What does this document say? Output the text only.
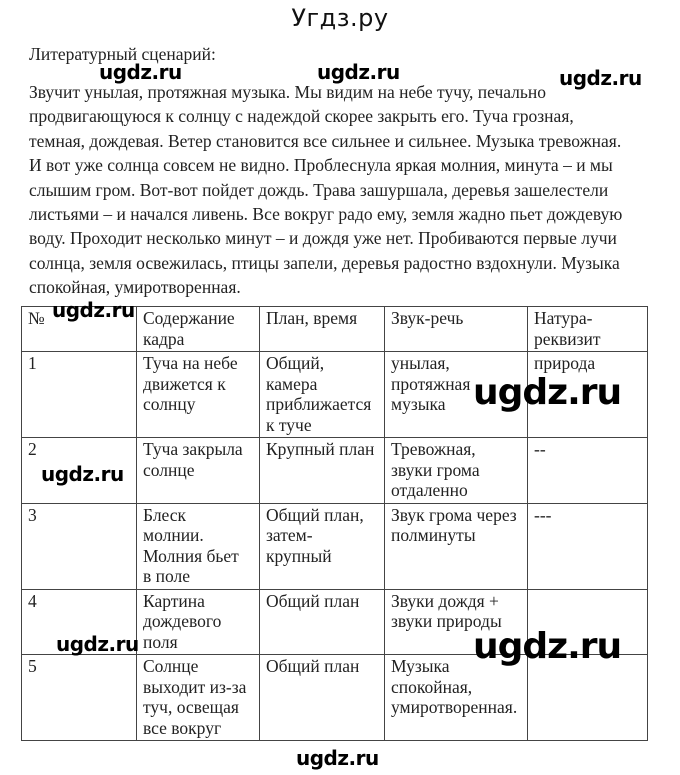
Угдз.ру
Литературный сценарий:
Звучит унылая, протяжная музыка. Мы видим на небе тучу, печально
продвигающуюся к солнцу с надеждой скорее закрыть его. Туча грозная,
темная, дождевая. Ветер становится все сильнее и сильнее. Музыка тревожная.
И вот уже солнца совсем не видно. Проблеснула яркая молния, минута – и мы
слышим гром. Вот-вот пойдет дождь. Трава зашуршала, деревья зашелестели
листьями – и начался ливень. Все вокруг радо ему, земля жадно пьет дождевую
воду. Проходит несколько минут – и дождя уже нет. Пробиваются первые лучи
солнца, земля освежилась, птицы запели, деревья радостно вздохнули. Музыка
спокойная, умиротворенная.
№	Содержание
кадра	План, время	Звук-речь	Натура-
реквизит

1	Туча на небе
движется к
солнцу	Общий,
камера
приближается
к туче	унылая,
протяжная
музыка	природа

2	Туча закрыла
солнце	Крупный план	Тревожная,
звуки грома
отдаленно	--

3	Блеск
молнии.
Молния бьет
в поле	Общий план,
затем-
крупный	Звук грома через
полминуты	---

4	Картина
дождевого
поля	Общий план	Звуки дождя +
звуки природы	

5	Солнце
выходит из-за
туч, освещая
все вокруг	Общий план	Музыка
спокойная,
умиротворенная.	

ugdz.ru	ugdz.ru	ugdz.ru
ugdz.ru
ugdz.ru
ugdz.ru
ugdz.ru	ugdz.ru
ugdz.ru
